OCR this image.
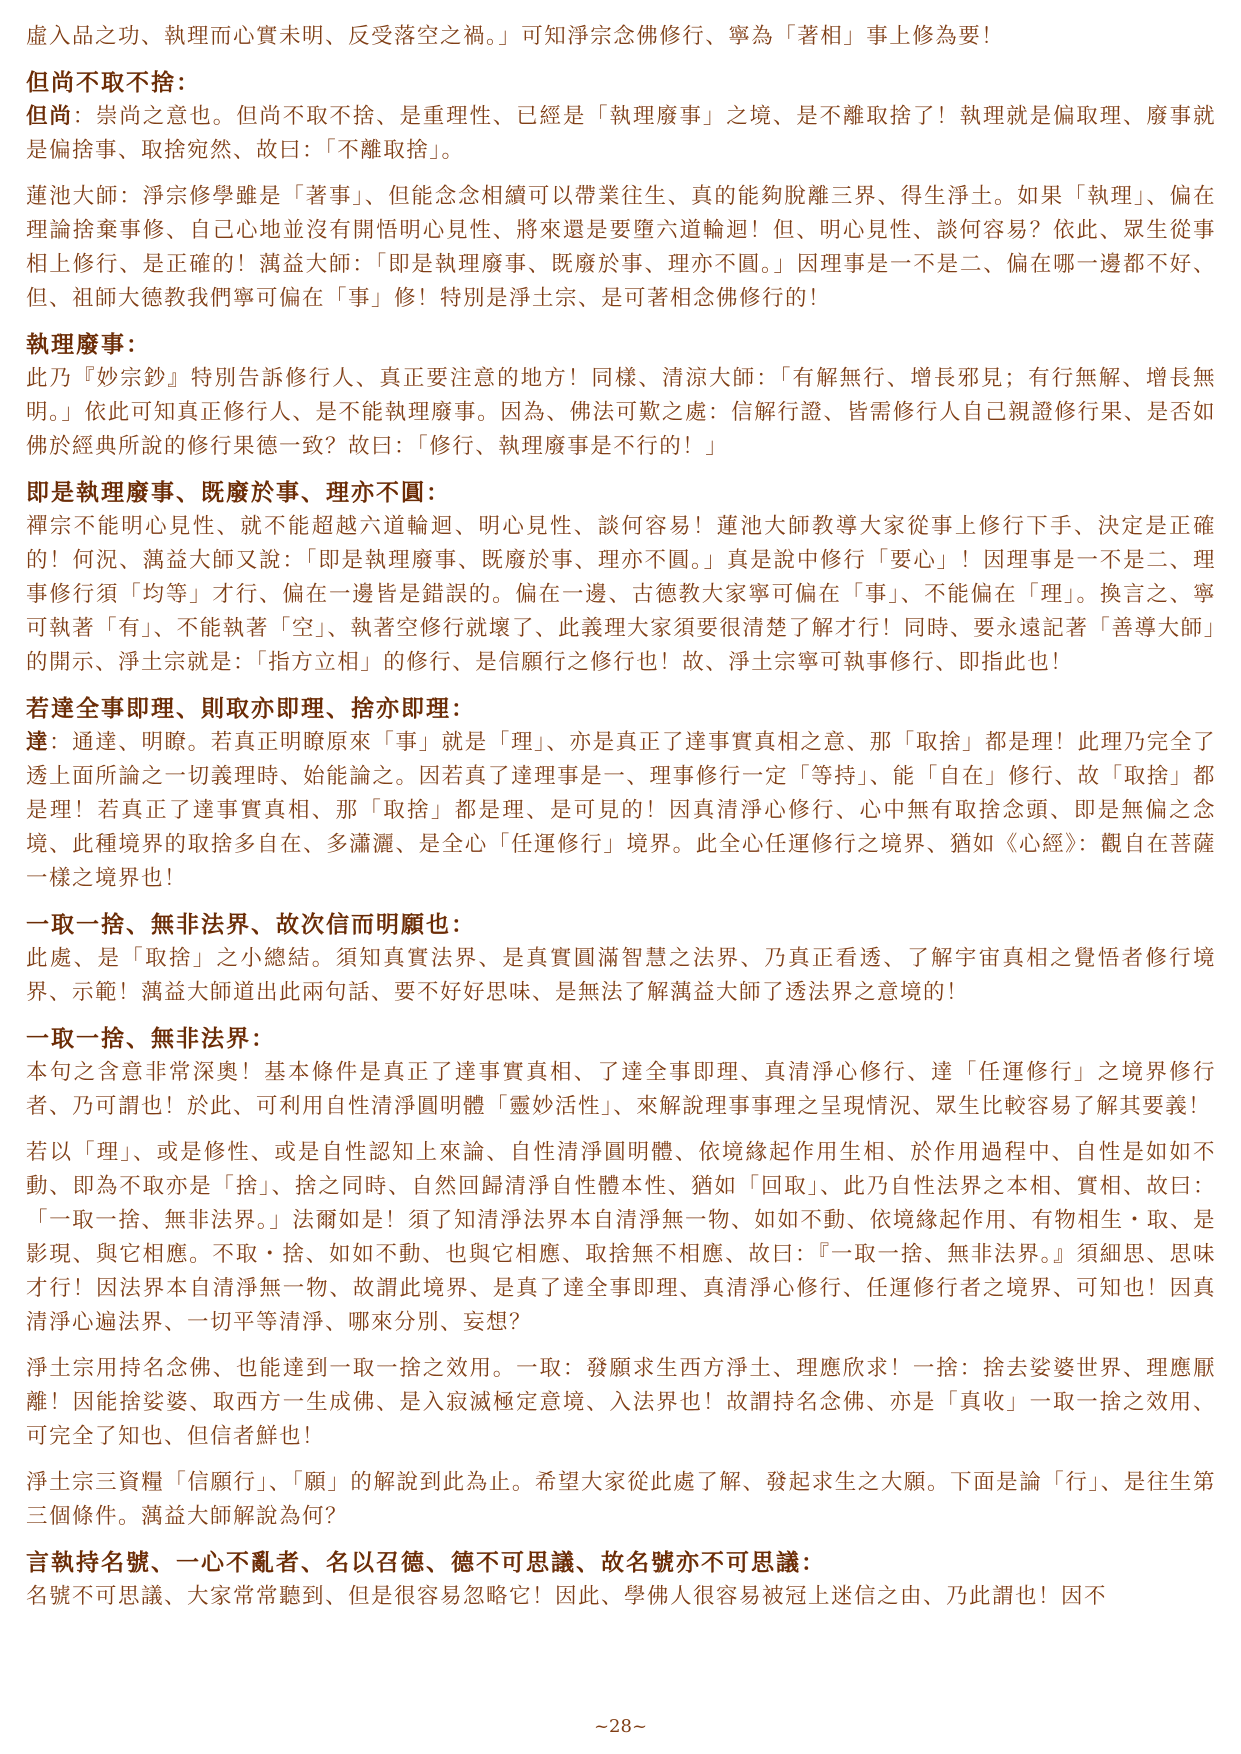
虛入品之功、執理而心實未明、反受落空之禍。」可知淨宗念佛修行、寧為「著相」事上修為要！

但尚不取不捨：

但尚：崇尚之意也。但尚不取不捨、是重理性、已經是「執理廢事」之境、是不離取捨了！執理就是偏取理、廢事就是偏捨事、取捨宛然、故曰：「不離取捨」。

蓮池大師：淨宗修學雖是「著事」、但能念念相續可以帶業往生、真的能夠脫離三界、得生淨土。如果「執理」、偏在理論捨棄事修、自己心地並沒有開悟明心見性、將來還是要墮六道輪迴！但、明心見性、談何容易？依此、眾生從事相上修行、是正確的！蕅益大師：「即是執理廢事、既廢於事、理亦不圓。」因理事是一不是二、偏在哪一邊都不好、但、祖師大德教我們寧可偏在「事」修！特別是淨土宗、是可著相念佛修行的！

執理廢事：

此乃『妙宗鈔』特別告訴修行人、真正要注意的地方！同樣、清涼大師：「有解無行、增長邪見；有行無解、增長無明。」依此可知真正修行人、是不能執理廢事。因為、佛法可歎之處：信解行證、皆需修行人自己親證修行果、是否如佛於經典所說的修行果德一致？故曰：「修行、執理廢事是不行的！」

即是執理廢事、既廢於事、理亦不圓：

禪宗不能明心見性、就不能超越六道輪迴、明心見性、談何容易！蓮池大師教導大家從事上修行下手、決定是正確的！何況、蕅益大師又說：「即是執理廢事、既廢於事、理亦不圓。」真是說中修行「要心」！因理事是一不是二、理事修行須「均等」才行、偏在一邊皆是錯誤的。偏在一邊、古德教大家寧可偏在「事」、不能偏在「理」。換言之、寧可執著「有」、不能執著「空」、執著空修行就壞了、此義理大家須要很清楚了解才行！同時、要永遠記著「善導大師」的開示、淨土宗就是：「指方立相」的修行、是信願行之修行也！故、淨土宗寧可執事修行、即指此也！

若達全事即理、則取亦即理、捨亦即理：

達：通達、明瞭。若真正明瞭原來「事」就是「理」、亦是真正了達事實真相之意、那「取捨」都是理！此理乃完全了透上面所論之一切義理時、始能論之。因若真了達理事是一、理事修行一定「等持」、能「自在」修行、故「取捨」都是理！若真正了達事實真相、那「取捨」都是理、是可見的！因真清淨心修行、心中無有取捨念頭、即是無偏之念境、此種境界的取捨多自在、多瀟灑、是全心「任運修行」境界。此全心任運修行之境界、猶如《心經》：觀自在菩薩一樣之境界也！

一取一捨、無非法界、故次信而明願也：

此處、是「取捨」之小總結。須知真實法界、是真實圓滿智慧之法界、乃真正看透、了解宇宙真相之覺悟者修行境界、示範！蕅益大師道出此兩句話、要不好好思味、是無法了解蕅益大師了透法界之意境的！

一取一捨、無非法界：

本句之含意非常深奧！基本條件是真正了達事實真相、了達全事即理、真清淨心修行、達「任運修行」之境界修行者、乃可謂也！於此、可利用自性清淨圓明體「靈妙活性」、來解說理事事理之呈現情況、眾生比較容易了解其要義！

若以「理」、或是修性、或是自性認知上來論、自性清淨圓明體、依境緣起作用生相、於作用過程中、自性是如如不動、即為不取亦是「捨」、捨之同時、自然回歸清淨自性體本性、猶如「回取」、此乃自性法界之本相、實相、故曰：「一取一捨、無非法界。」法爾如是！須了知清淨法界本自清淨無一物、如如不動、依境緣起作用、有物相生・取、是影現、與它相應。不取・捨、如如不動、也與它相應、取捨無不相應、故曰：『一取一捨、無非法界。』須細思、思味才行！因法界本自清淨無一物、故謂此境界、是真了達全事即理、真清淨心修行、任運修行者之境界、可知也！因真清淨心遍法界、一切平等清淨、哪來分別、妄想？

淨土宗用持名念佛、也能達到一取一捨之效用。一取：發願求生西方淨土、理應欣求！一捨：捨去娑婆世界、理應厭離！因能捨娑婆、取西方一生成佛、是入寂滅極定意境、入法界也！故謂持名念佛、亦是「真收」一取一捨之效用、可完全了知也、但信者鮮也！

淨土宗三資糧「信願行」、「願」的解說到此為止。希望大家從此處了解、發起求生之大願。下面是論「行」、是往生第三個條件。蕅益大師解說為何？

言執持名號、一心不亂者、名以召德、德不可思議、故名號亦不可思議：

名號不可思議、大家常常聽到、但是很容易忽略它！因此、學佛人很容易被冠上迷信之由、乃此謂也！因不

~28~
